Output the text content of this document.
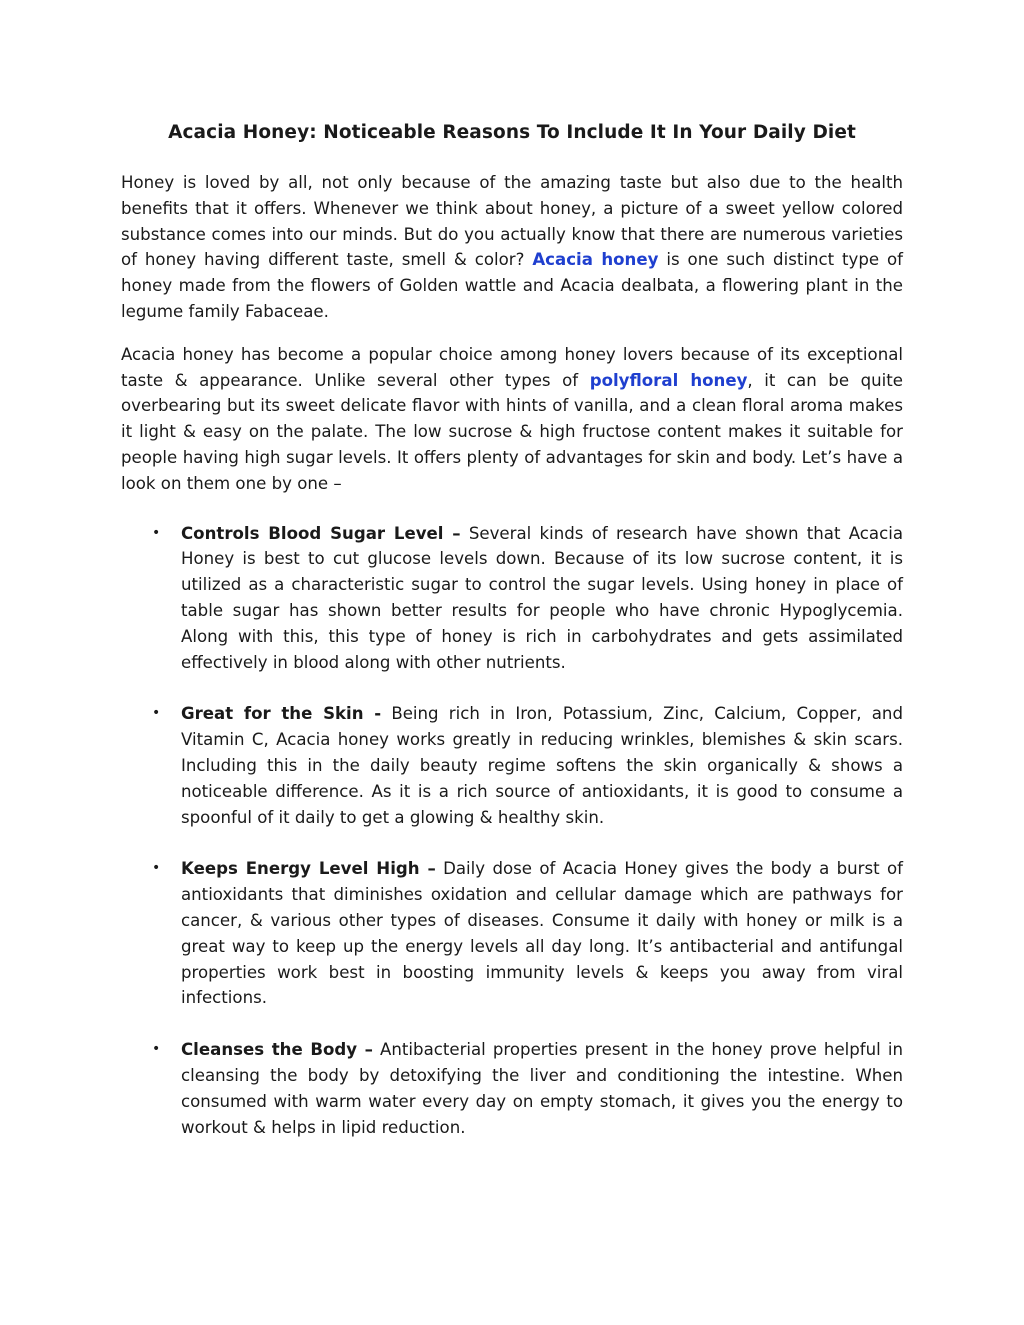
Acacia Honey: Noticeable Reasons To Include It In Your Daily Diet

Honey is loved by all, not only because of the amazing taste but also due to the health benefits that it offers. Whenever we think about honey, a picture of a sweet yellow colored substance comes into our minds. But do you actually know that there are numerous varieties of honey having different taste, smell & color? Acacia honey is one such distinct type of honey made from the flowers of Golden wattle and Acacia dealbata, a flowering plant in the legume family Fabaceae.

Acacia honey has become a popular choice among honey lovers because of its exceptional taste & appearance. Unlike several other types of polyfloral honey, it can be quite overbearing but its sweet delicate flavor with hints of vanilla, and a clean floral aroma makes it light & easy on the palate. The low sucrose & high fructose content makes it suitable for people having high sugar levels. It offers plenty of advantages for skin and body. Let’s have a look on them one by one –

• Controls Blood Sugar Level – Several kinds of research have shown that Acacia Honey is best to cut glucose levels down. Because of its low sucrose content, it is utilized as a characteristic sugar to control the sugar levels. Using honey in place of table sugar has shown better results for people who have chronic Hypoglycemia. Along with this, this type of honey is rich in carbohydrates and gets assimilated effectively in blood along with other nutrients.
• Great for the Skin - Being rich in Iron, Potassium, Zinc, Calcium, Copper, and Vitamin C, Acacia honey works greatly in reducing wrinkles, blemishes & skin scars. Including this in the daily beauty regime softens the skin organically & shows a noticeable difference. As it is a rich source of antioxidants, it is good to consume a spoonful of it daily to get a glowing & healthy skin.
• Keeps Energy Level High – Daily dose of Acacia Honey gives the body a burst of antioxidants that diminishes oxidation and cellular damage which are pathways for cancer, & various other types of diseases. Consume it daily with honey or milk is a great way to keep up the energy levels all day long. It’s antibacterial and antifungal properties work best in boosting immunity levels & keeps you away from viral infections.
• Cleanses the Body – Antibacterial properties present in the honey prove helpful in cleansing the body by detoxifying the liver and conditioning the intestine. When consumed with warm water every day on empty stomach, it gives you the energy to workout & helps in lipid reduction.
